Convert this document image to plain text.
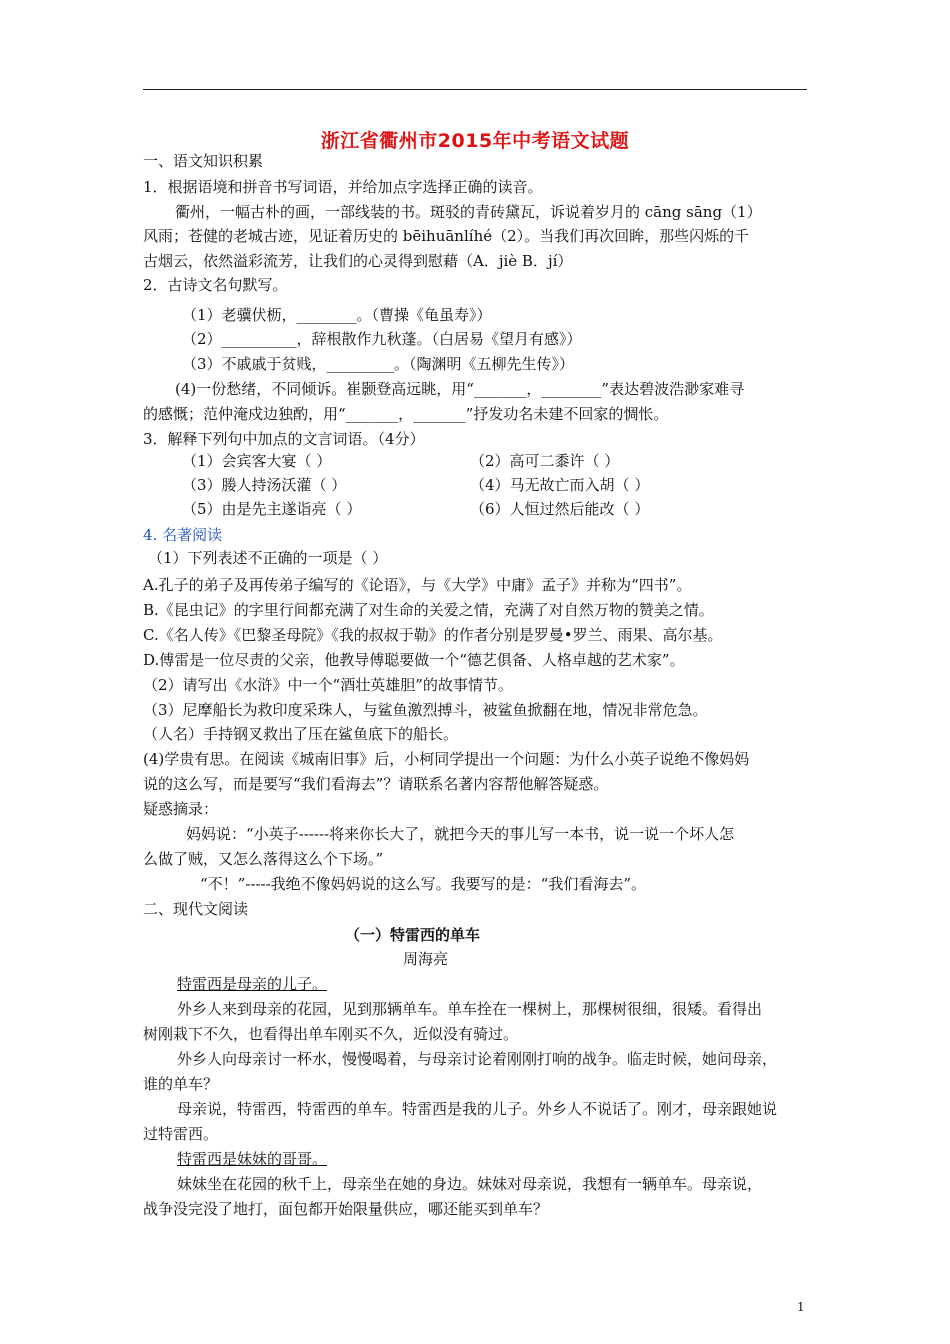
浙江省衢州市2015年中考语文试题
一、语文知识积累
1．根据语境和拼音书写词语，并给加点字选择正确的读音。
衢州，一幅古朴的画，一部线装的书。斑驳的青砖黛瓦，诉说着岁月的 cāng sāng（1）
风雨；苍健的老城古迹，见证着历史的 bēihuānlíhé（2）。当我们再次回眸，那些闪烁的千
古烟云，依然溢彩流芳，让我们的心灵得到慰藉（A．jiè B．jí）
2．古诗文名句默写。
（1）老骥伏枥，________。（曹操《龟虽寿》）
（2）__________，辞根散作九秋蓬。（白居易《望月有感》）
（3）不戚戚于贫贱，_________。（陶渊明《五柳先生传》）
(4)一份愁绪，不同倾诉。崔颢登高远眺，用“_______，________”表达碧波浩渺家难寻
的感慨；范仲淹戍边独酌，用“_______，_______”抒发功名未建不回家的惆怅。
3．解释下列句中加点的文言词语。（4分）
（1）会宾客大宴（ ）	（2）高可二黍许（ ）
（3）媵人持汤沃灌（ ）	（4）马无故亡而入胡（ ）
（5）由是先主遂诣亮（ ）	（6）人恒过然后能改（ ）
4. 名著阅读
（1）下列表述不正确的一项是（ ）
A.孔子的弟子及再传弟子编写的《论语》，与《大学》中庸》孟子》并称为“四书”。
B.《昆虫记》的字里行间都充满了对生命的关爱之情，充满了对自然万物的赞美之情。
C.《名人传》《巴黎圣母院》《我的叔叔于勒》的作者分别是罗曼•罗兰、雨果、高尔基。
D.傅雷是一位尽责的父亲，他教导傅聪要做一个“德艺俱备、人格卓越的艺术家”。
（2）请写出《水浒》中一个“酒壮英雄胆”的故事情节。
（3）尼摩船长为救印度采珠人，与鲨鱼激烈搏斗，被鲨鱼掀翻在地，情况非常危急。
（人名）手持钢叉救出了压在鲨鱼底下的船长。
(4)学贵有思。在阅读《城南旧事》后，小柯同学提出一个问题：为什么小英子说绝不像妈妈
说的这么写，而是要写“我们看海去”？请联系名著内容帮他解答疑惑。
疑惑摘录：
妈妈说：“小英子------将来你长大了，就把今天的事儿写一本书，说一说一个坏人怎
么做了贼，又怎么落得这么个下场。”
“不！”-----我绝不像妈妈说的这么写。我要写的是：“我们看海去”。
二、现代文阅读
（一）特雷西的单车
周海亮
特雷西是母亲的儿子。
外乡人来到母亲的花园，见到那辆单车。单车拴在一棵树上，那棵树很细，很矮。看得出
树刚栽下不久，也看得出单车刚买不久，近似没有骑过。
外乡人向母亲讨一杯水，慢慢喝着，与母亲讨论着刚刚打响的战争。临走时候，她问母亲，
谁的单车？
母亲说，特雷西，特雷西的单车。特雷西是我的儿子。外乡人不说话了。刚才，母亲跟她说
过特雷西。
特雷西是妹妹的哥哥。
妹妹坐在花园的秋千上，母亲坐在她的身边。妹妹对母亲说，我想有一辆单车。母亲说，
战争没完没了地打，面包都开始限量供应，哪还能买到单车？
1
